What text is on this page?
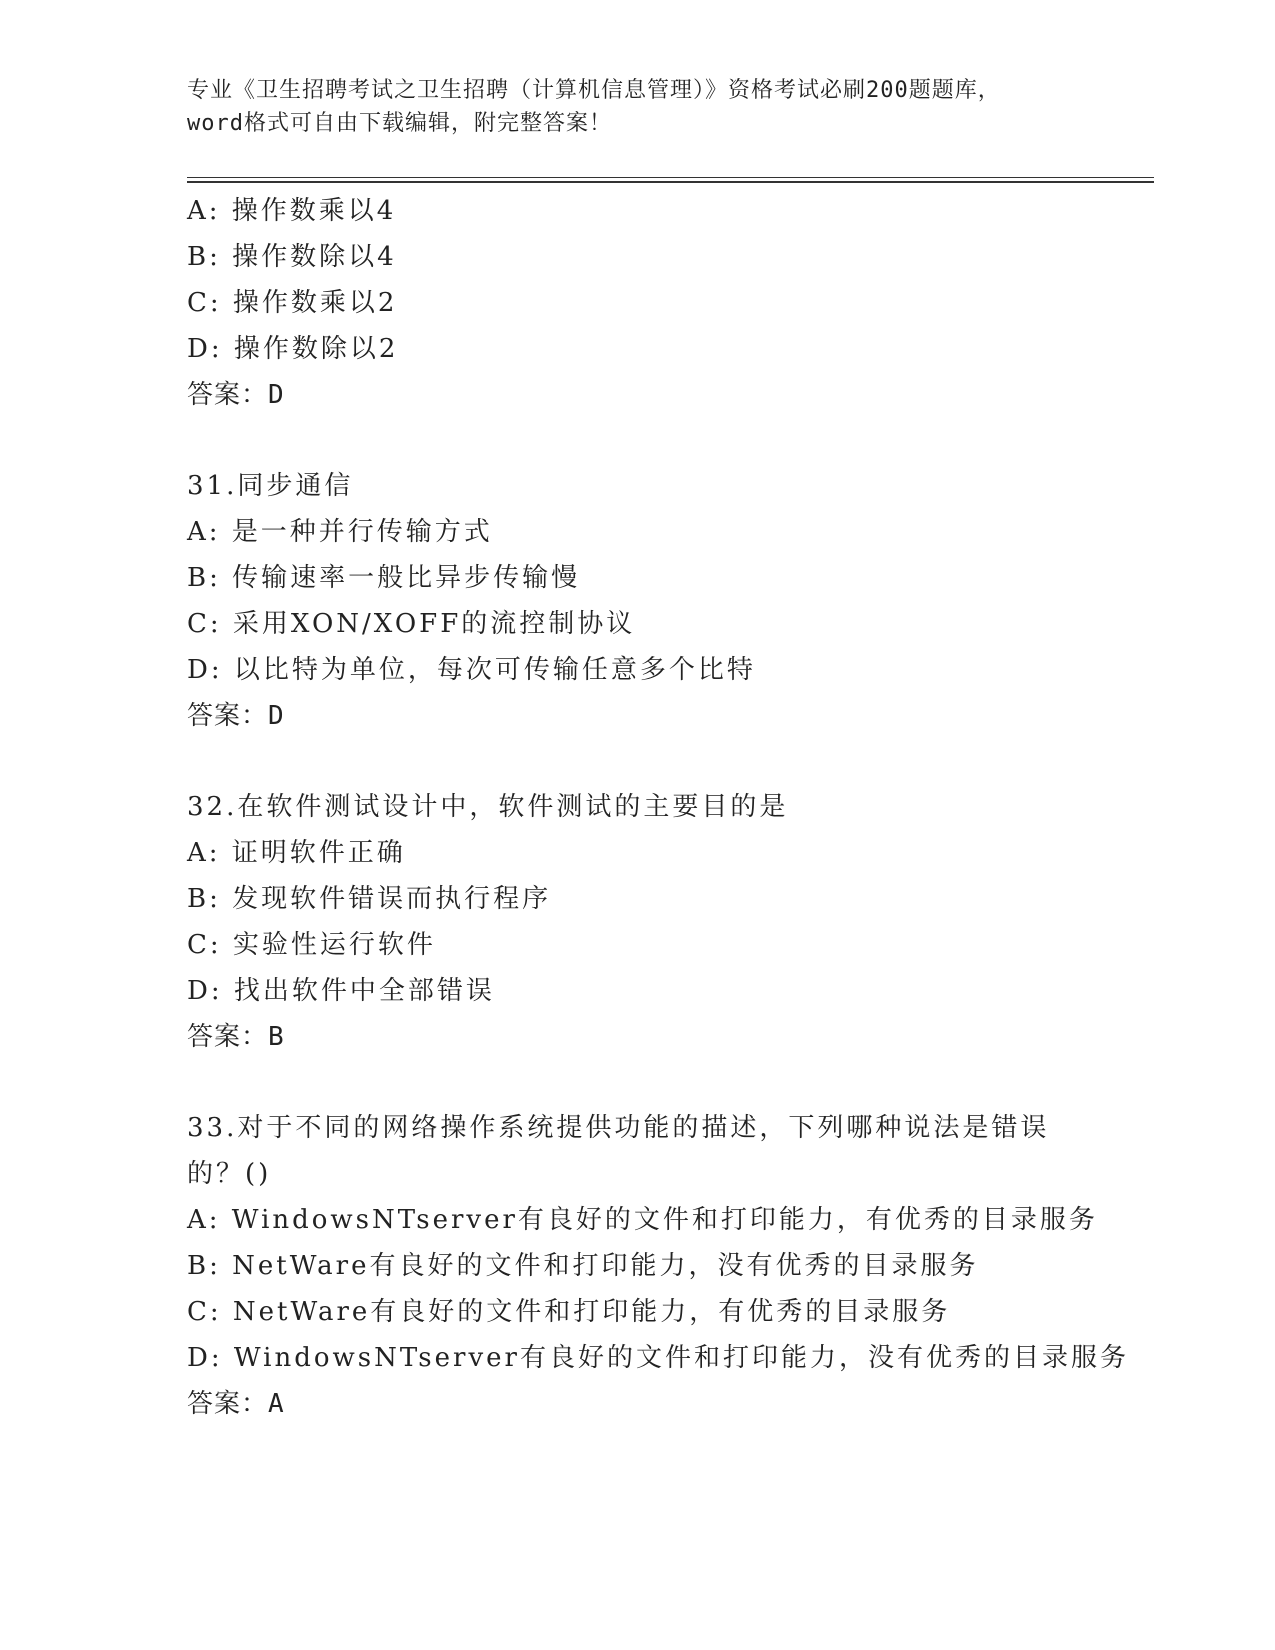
专业《卫生招聘考试之卫生招聘（计算机信息管理）》资格考试必刷200题题库，
word格式可自由下载编辑，附完整答案！
A: 操作数乘以4
B: 操作数除以4
C: 操作数乘以2
D: 操作数除以2
答案：D
31.同步通信
A: 是一种并行传输方式
B: 传输速率一般比异步传输慢
C: 采用XON/XOFF的流控制协议
D: 以比特为单位，每次可传输任意多个比特
答案：D
32.在软件测试设计中，软件测试的主要目的是
A: 证明软件正确
B: 发现软件错误而执行程序
C: 实验性运行软件
D: 找出软件中全部错误
答案：B
33.对于不同的网络操作系统提供功能的描述，下列哪种说法是错误的？()
A: WindowsNTserver有良好的文件和打印能力，有优秀的目录服务
B: NetWare有良好的文件和打印能力，没有优秀的目录服务
C: NetWare有良好的文件和打印能力，有优秀的目录服务
D: WindowsNTserver有良好的文件和打印能力，没有优秀的目录服务
答案：A
